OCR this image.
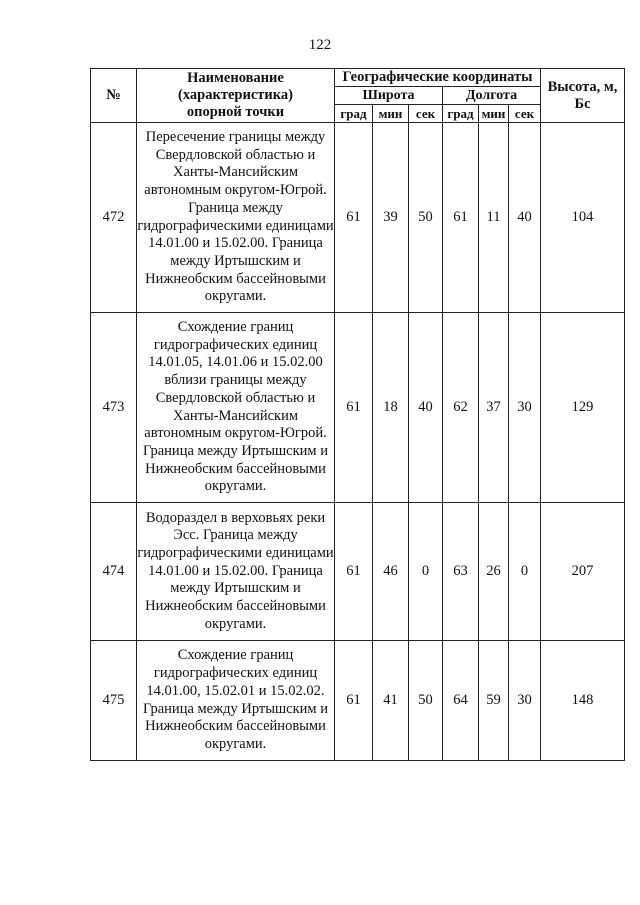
122
№	Наименование
(характеристика)
опорной точки	Географические координаты						Высота, м, Бс
		Широта			Долгота			
		град	мин	сек	град	мин	сек	
472	Пересечение границы между Свердловской областью и Ханты-Мансийским автономным округом-Югрой. Граница между гидрографическими единицами 14.01.00 и 15.02.00. Граница между Иртышским и Нижнеобским бассейновыми округами.	61	39	50	61	11	40	104
473	Схождение границ гидрографических единиц 14.01.05, 14.01.06 и 15.02.00 вблизи границы между Свердловской областью и Ханты-Мансийским автономным округом-Югрой. Граница между Иртышским и Нижнеобским бассейновыми округами.	61	18	40	62	37	30	129
474	Водораздел в верховьях реки Эсс. Граница между гидрографическими единицами 14.01.00 и 15.02.00. Граница между Иртышским и Нижнеобским бассейновыми округами.	61	46	0	63	26	0	207
475	Схождение границ гидрографических единиц 14.01.00, 15.02.01 и 15.02.02. Граница между Иртышским и Нижнеобским бассейновыми округами.	61	41	50	64	59	30	148
